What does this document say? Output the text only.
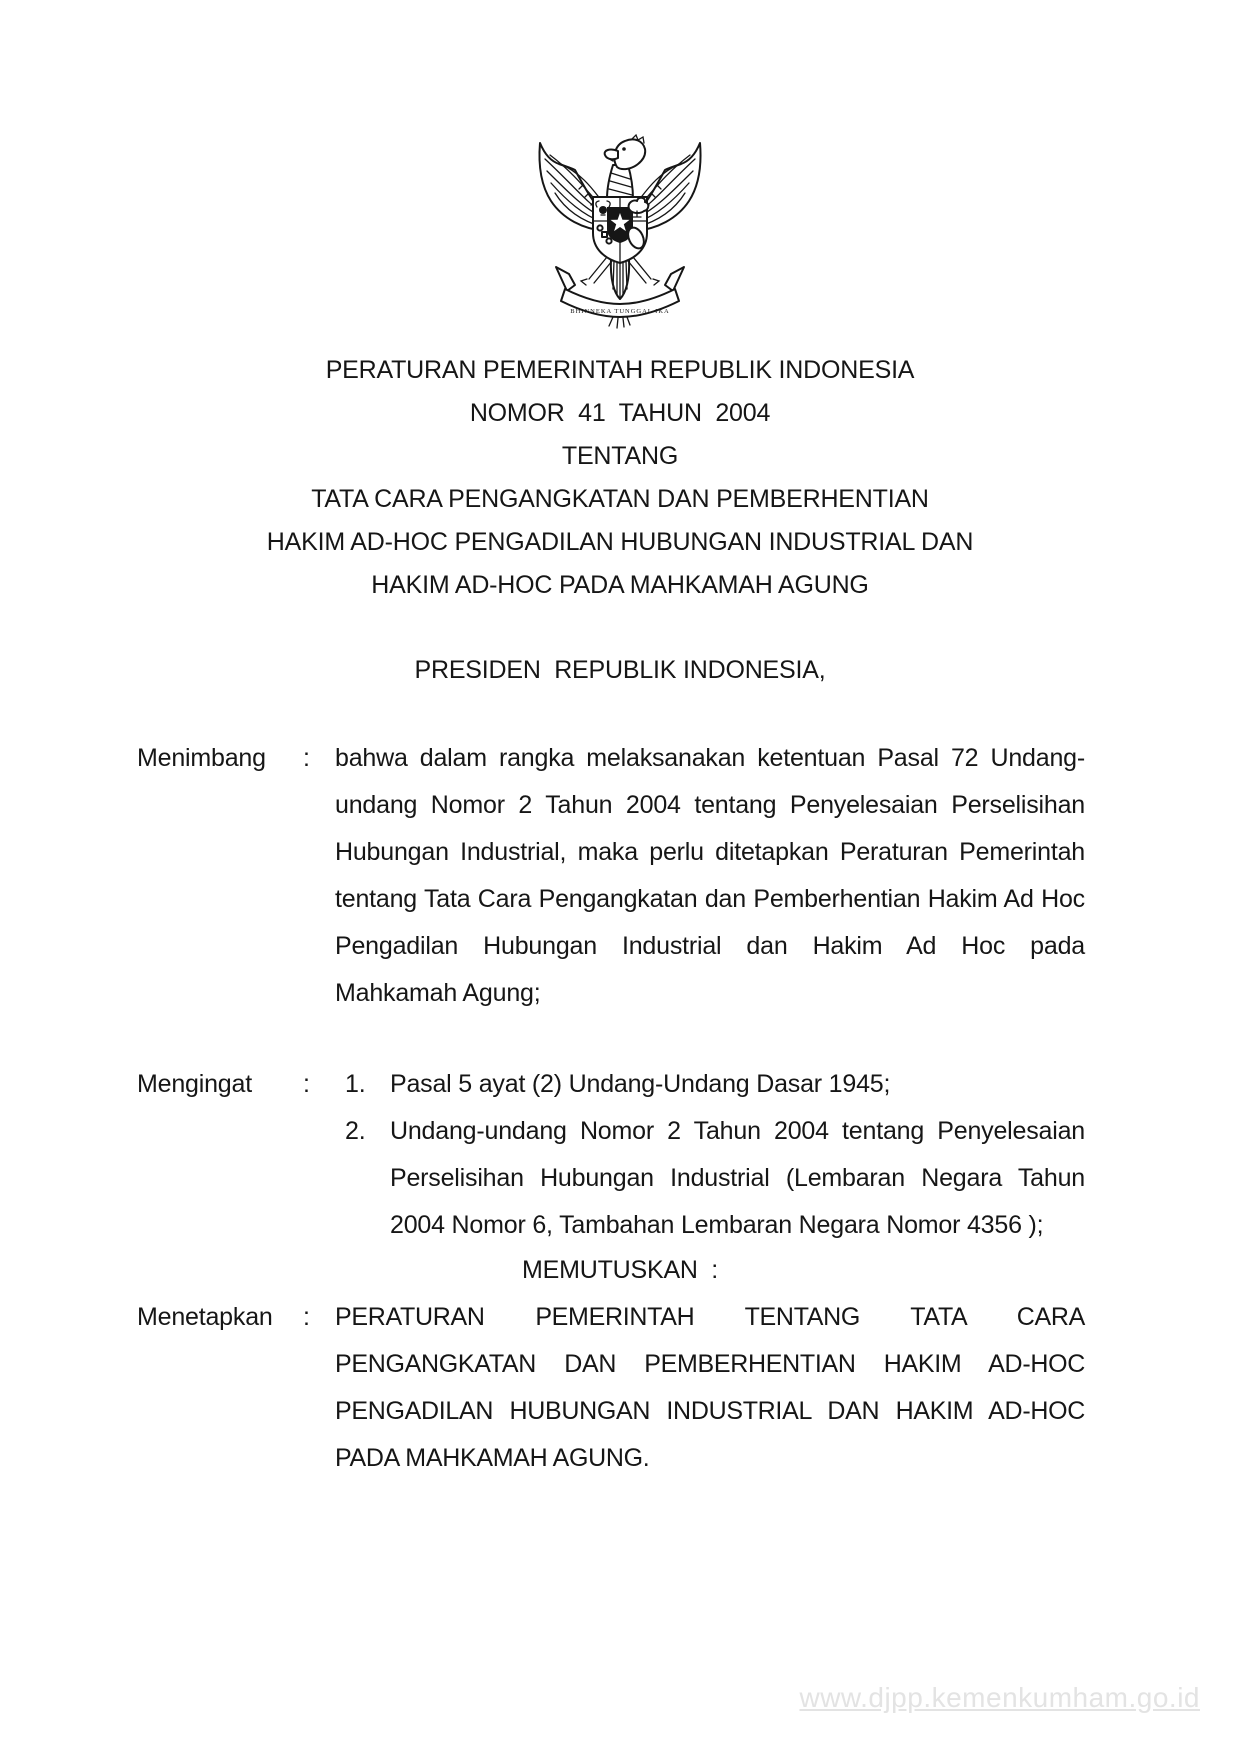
BHINNEKA TUNGGAL IKA
PERATURAN PEMERINTAH REPUBLIK INDONESIA
NOMOR  41  TAHUN  2004
TENTANG
TATA CARA PENGANGKATAN DAN PEMBERHENTIAN
HAKIM AD-HOC PENGADILAN HUBUNGAN INDUSTRIAL DAN
HAKIM AD-HOC PADA MAHKAMAH AGUNG
PRESIDEN  REPUBLIK INDONESIA,
Menimbang : bahwa dalam rangka melaksanakan ketentuan Pasal 72 Undang-undang Nomor 2 Tahun 2004 tentang Penyelesaian Perselisihan Hubungan Industrial, maka perlu ditetapkan Peraturan Pemerintah tentang Tata Cara Pengangkatan dan Pemberhentian Hakim Ad Hoc Pengadilan Hubungan Industrial dan Hakim Ad Hoc pada Mahkamah Agung;
Mengingat :	1. Pasal 5 ayat (2) Undang-Undang Dasar 1945;
2. Undang-undang Nomor 2 Tahun 2004 tentang Penyelesaian Perselisihan Hubungan Industrial (Lembaran Negara Tahun 2004 Nomor 6, Tambahan Lembaran Negara Nomor 4356 );
MEMUTUSKAN  :
Menetapkan : PERATURAN PEMERINTAH TENTANG TATA CARA PENGANGKATAN DAN PEMBERHENTIAN HAKIM AD-HOC PENGADILAN HUBUNGAN INDUSTRIAL DAN HAKIM AD-HOC PADA MAHKAMAH AGUNG.
www.djpp.kemenkumham.go.id
